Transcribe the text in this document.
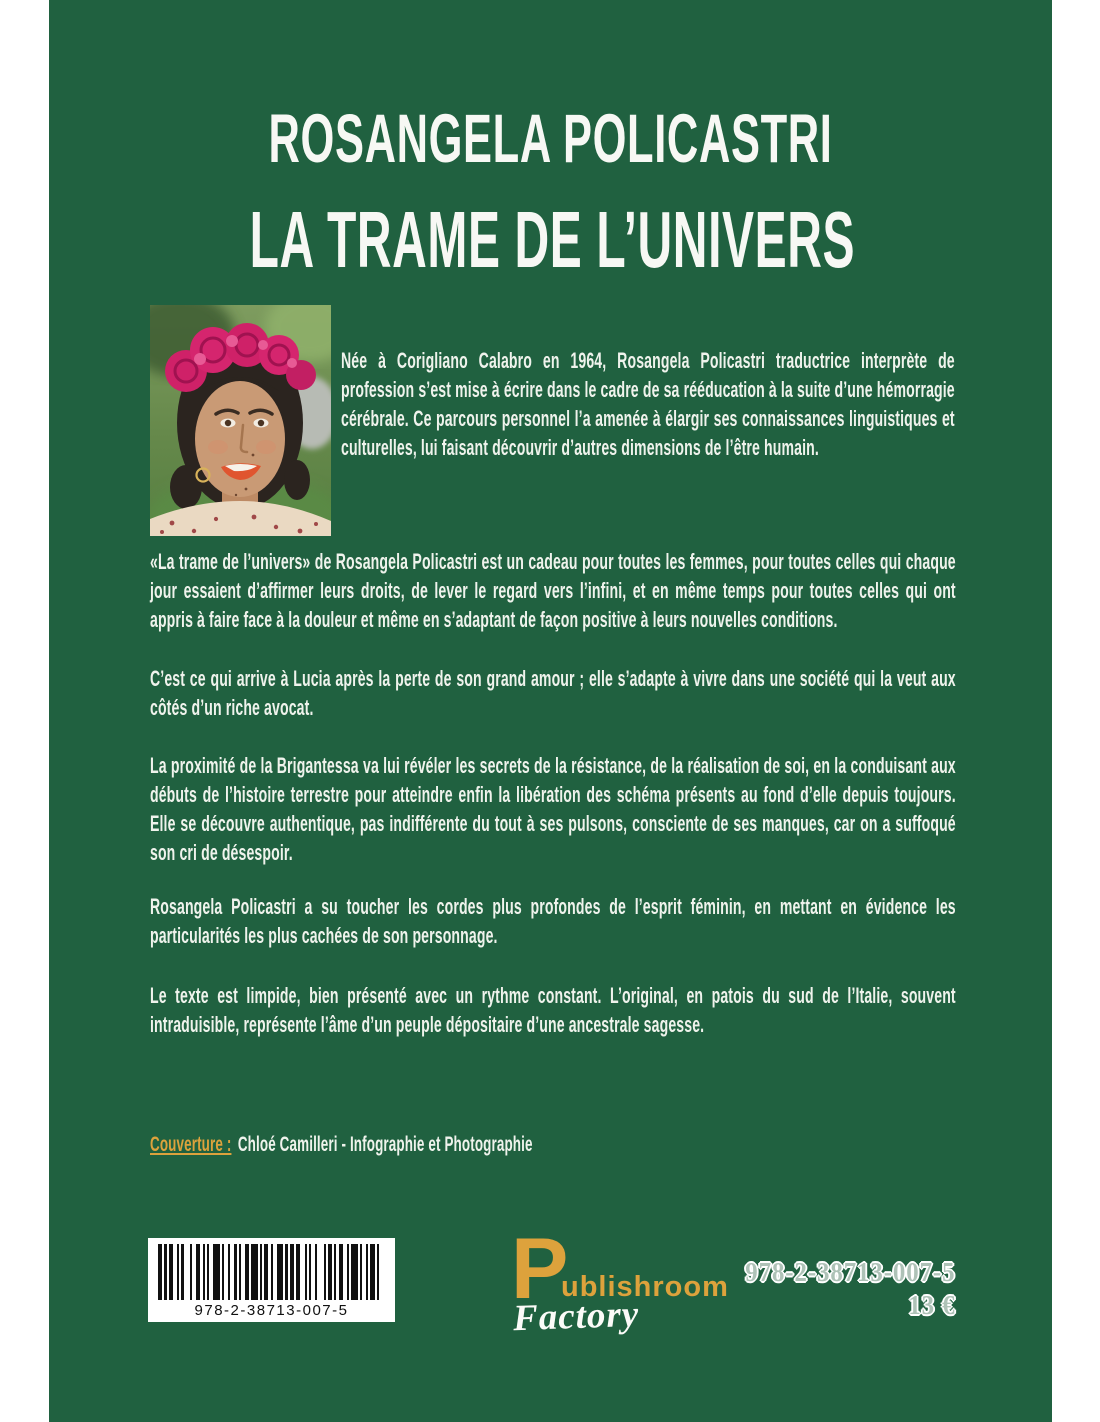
ROSANGELA POLICASTRI
LA TRAME DE L’UNIVERS

Née à Corigliano Calabro en 1964, Rosangela Policastri traductrice interprète de profession s’est mise à écrire dans le cadre de sa rééducation à la suite d’une hémorragie cérébrale. Ce parcours personnel l’a amenée à élargir ses connaissances linguistiques et culturelles, lui faisant découvrir d’autres dimensions de l’être humain.

«La trame de l’univers» de Rosangela Policastri est un cadeau pour toutes les femmes, pour toutes celles qui chaque jour essaient d’affirmer leurs droits, de lever le regard vers l’infini, et en même temps pour toutes celles qui ont appris à faire face à la douleur et même en s’adaptant de façon positive à leurs nouvelles conditions.

C’est ce qui arrive à Lucia après la perte de son grand amour ; elle s’adapte à vivre dans une société qui la veut aux côtés d’un riche avocat.

La proximité de la Brigantessa va lui révéler les secrets de la résistance, de la réalisation de soi, en la conduisant aux débuts de l’histoire terrestre pour atteindre enfin la libération des schéma présents au fond d’elle depuis toujours. Elle se découvre authentique, pas indifférente du tout à ses pulsons, consciente de ses manques, car on a suffoqué son cri de désespoir.

Rosangela Policastri a su toucher les cordes plus profondes de l’esprit féminin, en mettant en évidence les particularités les plus cachées de son personnage.

Le texte est limpide, bien présenté avec un rythme constant. L’original, en patois du sud de l’Italie, souvent intraduisible, représente l’âme d’un peuple dépositaire d’une ancestrale sagesse.

Couverture : Chloé Camilleri - Infographie et Photographie
978-2-38713-007-5	P
ublishroom
Factory
978-2-38713-007-5
13 €
